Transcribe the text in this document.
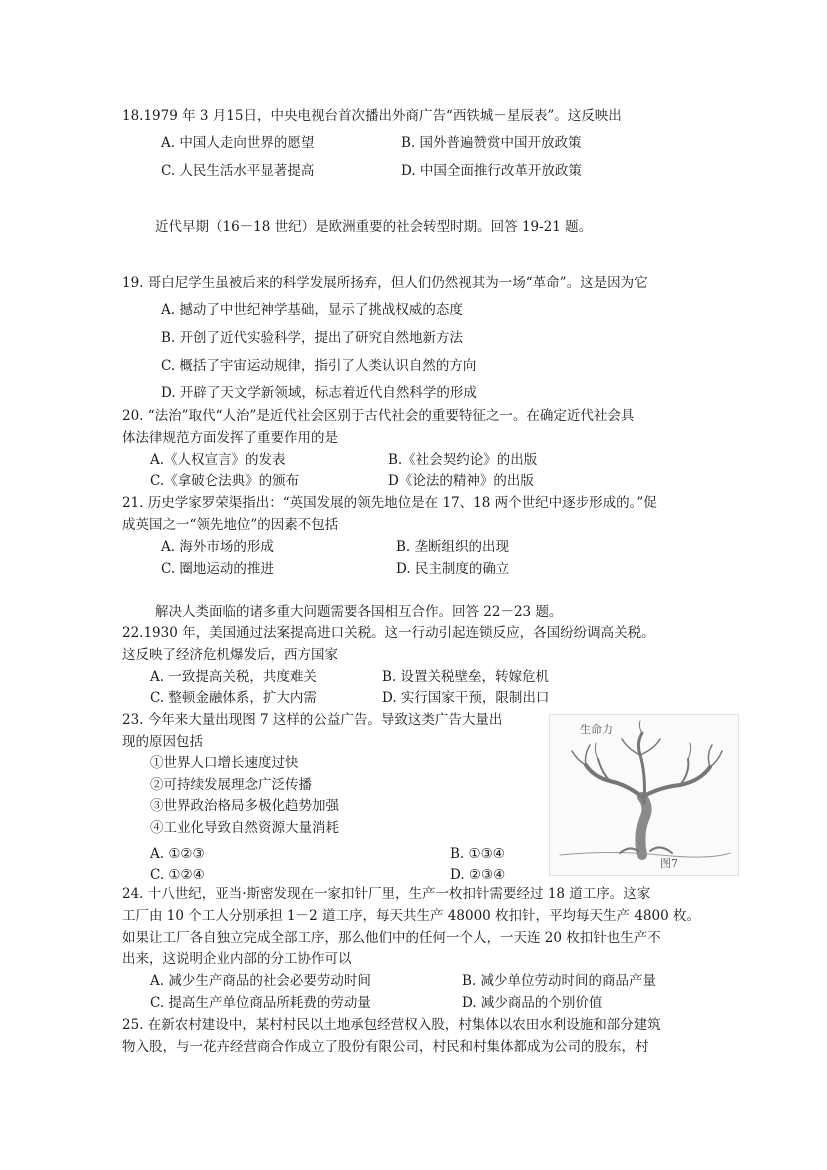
18.1979 年 3 月15日，中央电视台首次播出外商广告“西铁城－星辰表”。这反映出
A. 中国人走向世界的愿望	B. 国外普遍赞赏中国开放政策
C. 人民生活水平显著提高	D. 中国全面推行改革开放政策
近代早期（16－18 世纪）是欧洲重要的社会转型时期。回答 19-21 题。
19. 哥白尼学生虽被后来的科学发展所扬弃，但人们仍然视其为一场“革命”。这是因为它
A. 撼动了中世纪神学基础，显示了挑战权威的态度
B. 开创了近代实验科学，提出了研究自然地新方法
C. 概括了宇宙运动规律，指引了人类认识自然的方向
D. 开辟了天文学新领域，标志着近代自然科学的形成
20. “法治”取代“人治”是近代社会区别于古代社会的重要特征之一。在确定近代社会具
体法律规范方面发挥了重要作用的是
A.《人权宣言》的发表	B.《社会契约论》的出版
C.《拿破仑法典》的颁布	D《论法的精神》的出版
21. 历史学家罗荣渠指出：“英国发展的领先地位是在 17、18 两个世纪中逐步形成的。”促
成英国之一“领先地位”的因素不包括
A. 海外市场的形成	B. 垄断组织的出现
C. 圈地运动的推进	D. 民主制度的确立
解决人类面临的诸多重大问题需要各国相互合作。回答 22－23 题。
22.1930 年，美国通过法案提高进口关税。这一行动引起连锁反应，各国纷纷调高关税。
这反映了经济危机爆发后，西方国家
A. 一致提高关税，共度难关	B. 设置关税壁垒，转嫁危机
C. 整顿金融体系，扩大内需	D. 实行国家干预，限制出口
23. 今年来大量出现图 7 这样的公益广告。导致这类广告大量出
现的原因包括
①世界人口增长速度过快
②可持续发展理念广泛传播
③世界政治格局多极化趋势加强
④工业化导致自然资源大量消耗
A. ①②③	B. ①③④
C. ①②④	D. ②③④
生命力
图7
24. 十八世纪，亚当·斯密发现在一家扣针厂里，生产一枚扣针需要经过 18 道工序。这家
工厂由 10 个工人分别承担 1－2 道工序，每天共生产 48000 枚扣针，平均每天生产 4800 枚。
如果让工厂各自独立完成全部工序，那么他们中的任何一个人，一天连 20 枚扣针也生产不
出来，这说明企业内部的分工协作可以
A. 减少生产商品的社会必要劳动时间	B. 减少单位劳动时间的商品产量
C. 提高生产单位商品所耗费的劳动量	D. 减少商品的个别价值
25. 在新农村建设中，某村村民以土地承包经营权入股，村集体以农田水利设施和部分建筑
物入股，与一花卉经营商合作成立了股份有限公司，村民和村集体都成为公司的股东，村
